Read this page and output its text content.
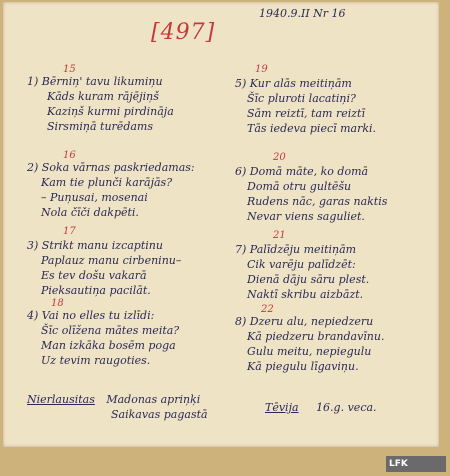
[497]
1940.9.II Nr 16
15
1) Bērniņ' tavu likumiņu
Kāds kuram rājējiņš
Kaziņš kurmi pirdināja
Sirsmiņā turēdams
16
2) Soka vārnas paskriedamas:
Kam tie plunči karājās?
– Puņusai, mosenai
Nola čīči dakpēti.
17
3) Strikt manu izcaptinu
Paplauz manu cirbeninu–
Es tev došu vakarā
Pieksautiņa pacilāt.
18
4) Vai no elles tu izlīdi:
Šīc olīžena mātes meita?
Man izkāka bosēm poga
Uz tevim raugoties.
19
5) Kur alās meitiņām
Šīc pluroti lacatiņi?
Sām reiztī, tam reiztī
Tās iedeva piecī marki.
20
6) Domā māte, ko domā
Domā otru gultēšu
Rudens nāc, garas naktis
Nevar viens saguliet.
21
7) Palīdzēju meitiņām
Cik varēju palīdzēt:
Dienā dāju sāru plest.
Naktī skribu aizbāzt.
22
8) Dzeru alu, nepiedzeru
Kā piedzeru brandavīnu.
Gulu meitu, nepiegulu
Kā piegulu līgaviņu.
Nierlausitas Madonas apriņķi
Saikavas pagastā
Tēvija 16.g. veca.
LFK
